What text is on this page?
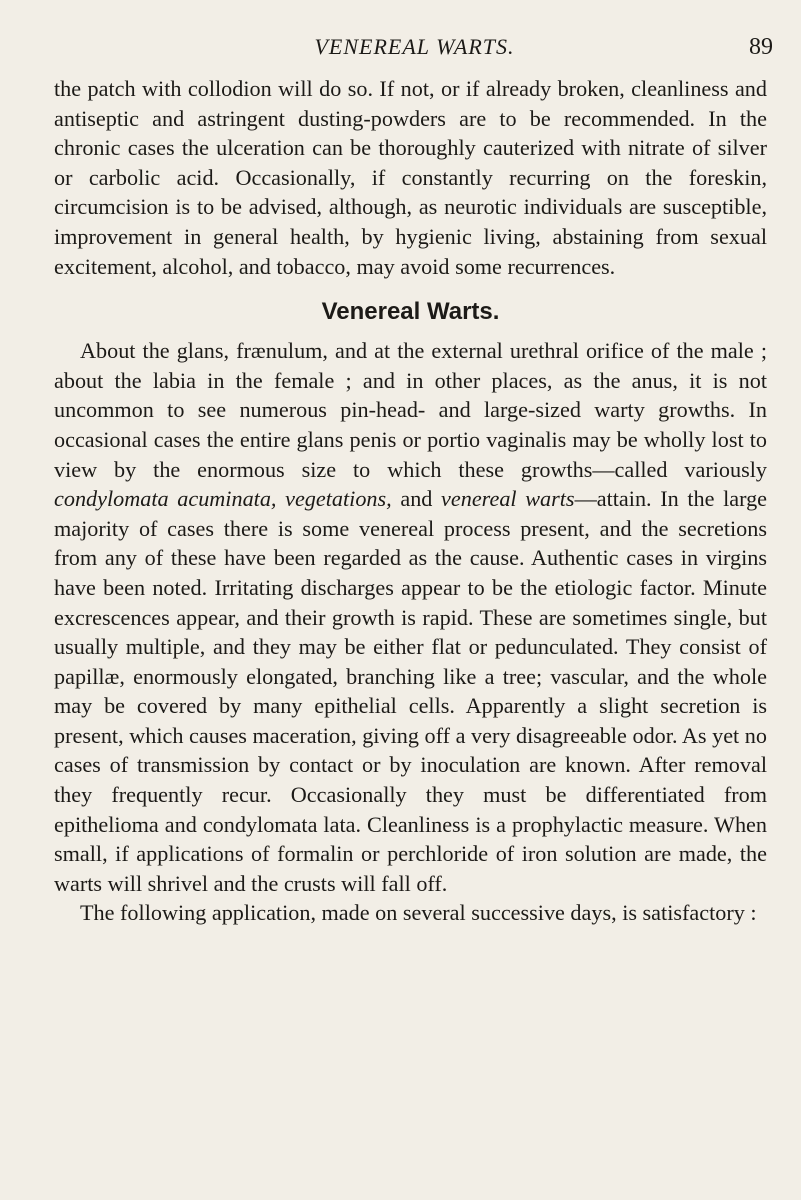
VENEREAL WARTS.	89

the patch with collodion will do so. If not, or if already broken, cleanliness and antiseptic and astringent dusting-powders are to be recommended. In the chronic cases the ulceration can be thoroughly cauterized with nitrate of silver or carbolic acid. Occasionally, if constantly recurring on the foreskin, circumcision is to be advised, although, as neurotic individuals are susceptible, improvement in general health, by hygienic living, abstaining from sexual excitement, alcohol, and tobacco, may avoid some recurrences.

Venereal Warts.

About the glans, frænulum, and at the external urethral orifice of the male ; about the labia in the female ; and in other places, as the anus, it is not uncommon to see numerous pin-head- and large-sized warty growths. In occasional cases the entire glans penis or portio vaginalis may be wholly lost to view by the enormous size to which these growths—called variously condylomata acuminata, vegetations, and venereal warts—attain. In the large majority of cases there is some venereal process present, and the secretions from any of these have been regarded as the cause. Authentic cases in virgins have been noted. Irritating discharges appear to be the etiologic factor. Minute excrescences appear, and their growth is rapid. These are sometimes single, but usually multiple, and they may be either flat or pedunculated. They consist of papillæ, enormously elongated, branching like a tree; vascular, and the whole may be covered by many epithelial cells. Apparently a slight secretion is present, which causes maceration, giving off a very disagreeable odor. As yet no cases of transmission by contact or by inoculation are known. After removal they frequently recur. Occasionally they must be differentiated from epithelioma and condylomata lata. Cleanliness is a prophylactic measure. When small, if applications of formalin or perchloride of iron solution are made, the warts will shrivel and the crusts will fall off.

The following application, made on several successive days, is satisfactory :
